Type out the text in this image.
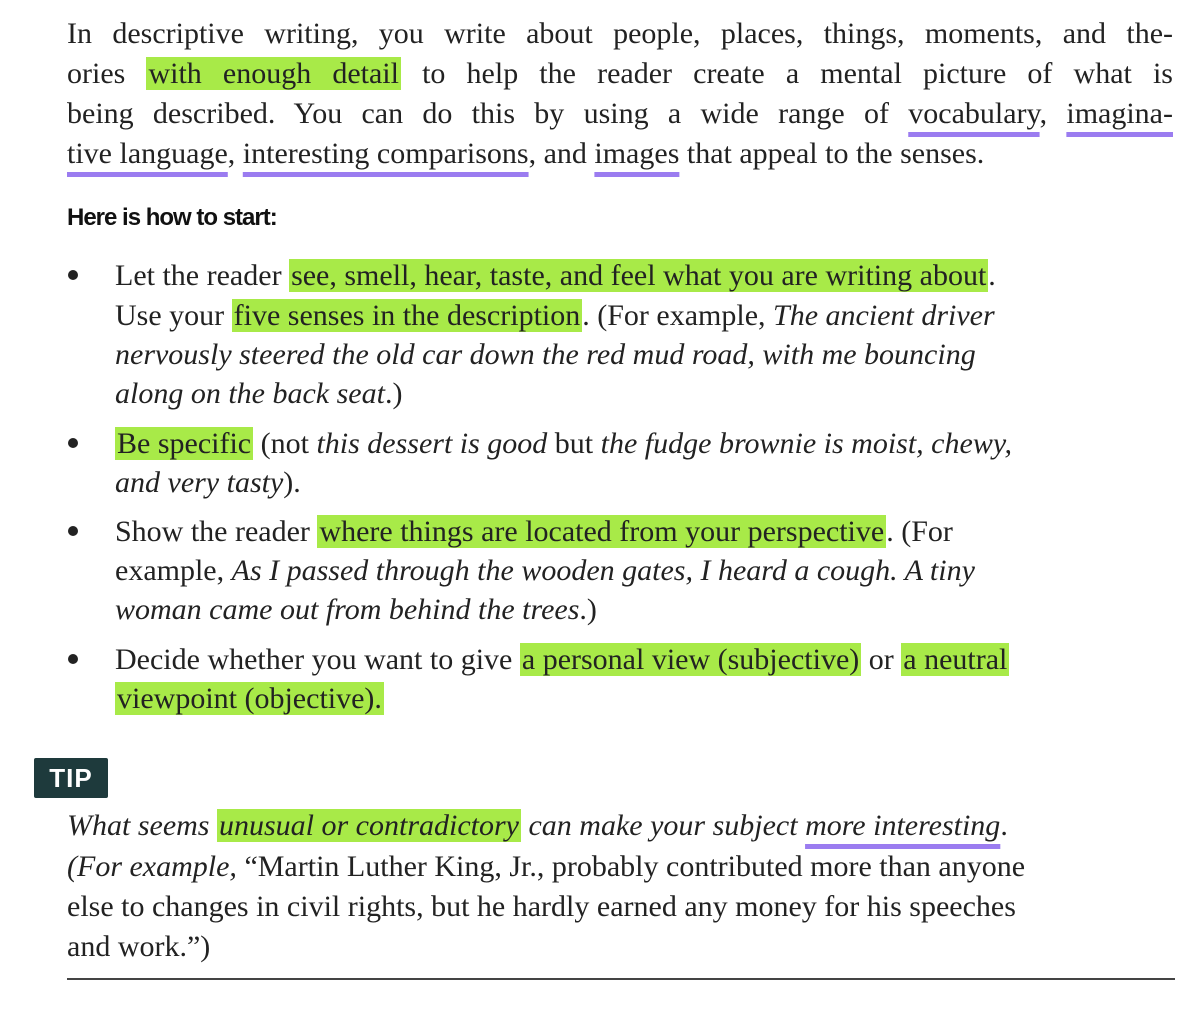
In descriptive writing, you write about people, places, things, moments, and the-
ories with enough detail to help the reader create a mental picture of what is
being described. You can do this by using a wide range of vocabulary, imagina-
tive language, interesting comparisons, and images that appeal to the senses.
Here is how to start:
Let the reader see, smell, hear, taste, and feel what you are writing about.
Use your five senses in the description. (For example, The ancient driver
nervously steered the old car down the red mud road, with me bouncing
along on the back seat.)
Be specific (not this dessert is good but the fudge brownie is moist, chewy,
and very tasty).
Show the reader where things are located from your perspective. (For
example, As I passed through the wooden gates, I heard a cough. A tiny
woman came out from behind the trees.)
Decide whether you want to give a personal view (subjective) or a neutral
viewpoint (objective).
TIP
What seems unusual or contradictory can make your subject more interesting.
(For example, “Martin Luther King, Jr., probably contributed more than anyone
else to changes in civil rights, but he hardly earned any money for his speeches
and work.”)
